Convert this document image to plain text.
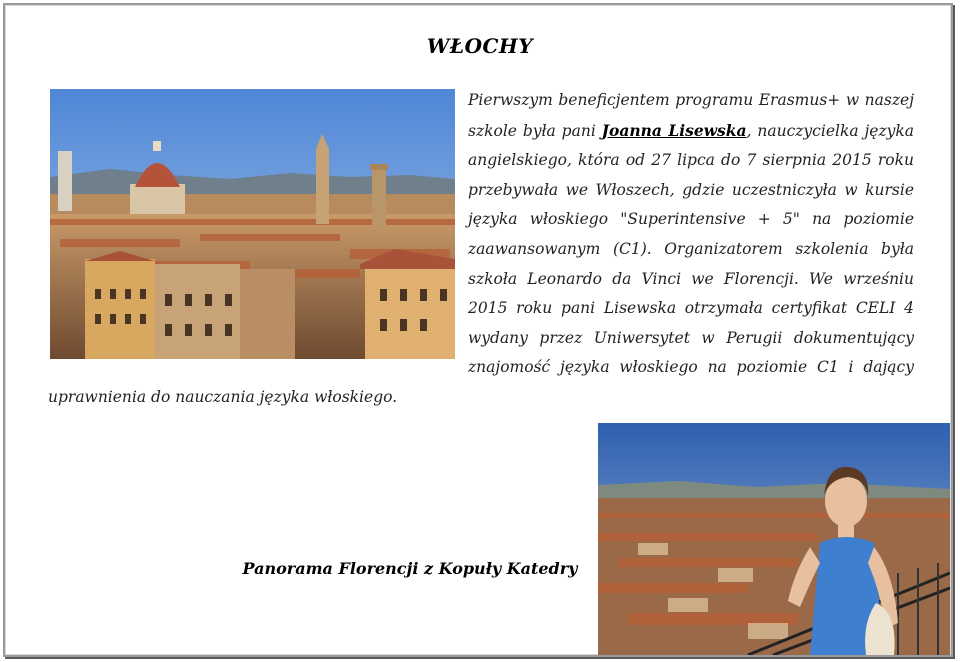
WŁOCHY
Pierwszym beneficjentem programu Erasmus+ w naszej szkole była pani Joanna Lisewska, nauczycielka języka angielskiego, która od 27 lipca do 7 sierpnia 2015 roku przebywała we Włoszech, gdzie uczestniczyła w kursie języka włoskiego "Superintensive + 5" na poziomie zaawansowanym (C1). Organizatorem szkolenia była szkoła Leonardo da Vinci we Florencji. We wrześniu 2015 roku pani Lisewska otrzymała certyfikat CELI 4 wydany przez Uniwersytet w Perugii dokumentujący znajomość języka włoskiego na poziomie C1 i dający uprawnienia do nauczania języka włoskiego.
Panorama Florencji z Kopuły Katedry
